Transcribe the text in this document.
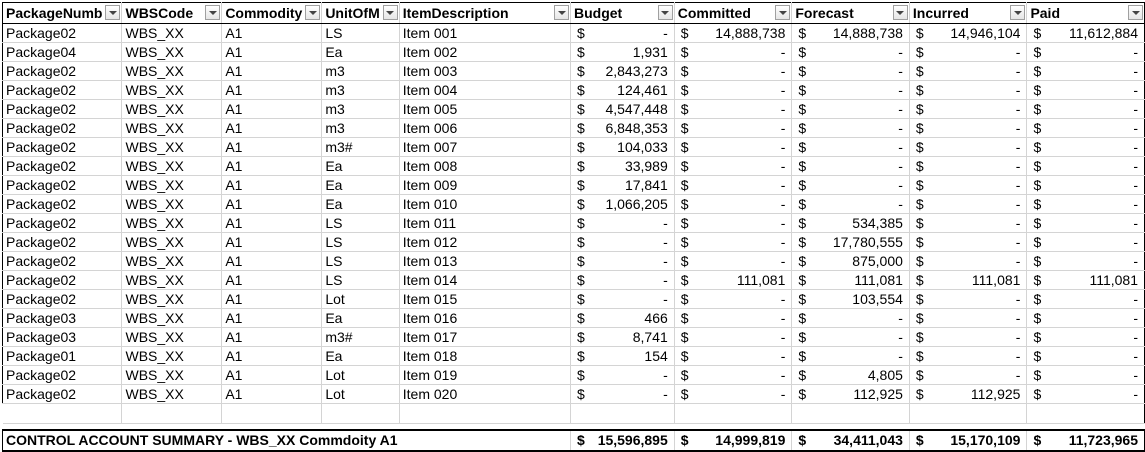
PackageNumb	WBSCode	Commodity	UnitOfM	ItemDescription	Budget	Committed	Forecast	Incurred	Paid

Package02	WBS_XX	A1	LS	Item 001	$ -	$ 14,888,738	$ 14,888,738	$ 14,946,104	$ 11,612,884

Package04	WBS_XX	A1	Ea	Item 002	$ 1,931	$ -	$ -	$ -	$ -

Package02	WBS_XX	A1	m3	Item 003	$ 2,843,273	$ -	$ -	$ -	$ -

Package02	WBS_XX	A1	m3	Item 004	$ 124,461	$ -	$ -	$ -	$ -

Package02	WBS_XX	A1	m3	Item 005	$ 4,547,448	$ -	$ -	$ -	$ -

Package02	WBS_XX	A1	m3	Item 006	$ 6,848,353	$ -	$ -	$ -	$ -

Package02	WBS_XX	A1	m3#	Item 007	$ 104,033	$ -	$ -	$ -	$ -

Package02	WBS_XX	A1	Ea	Item 008	$ 33,989	$ -	$ -	$ -	$ -

Package02	WBS_XX	A1	Ea	Item 009	$ 17,841	$ -	$ -	$ -	$ -

Package02	WBS_XX	A1	Ea	Item 010	$ 1,066,205	$ -	$ -	$ -	$ -

Package02	WBS_XX	A1	LS	Item 011	$ -	$ -	$ 534,385	$ -	$ -

Package02	WBS_XX	A1	LS	Item 012	$ -	$ -	$ 17,780,555	$ -	$ -

Package02	WBS_XX	A1	LS	Item 013	$ -	$ -	$ 875,000	$ -	$ -

Package02	WBS_XX	A1	LS	Item 014	$ -	$ 111,081	$ 111,081	$ 111,081	$ 111,081

Package02	WBS_XX	A1	Lot	Item 015	$ -	$ -	$ 103,554	$ -	$ -

Package03	WBS_XX	A1	Ea	Item 016	$ 466	$ -	$ -	$ -	$ -

Package03	WBS_XX	A1	m3#	Item 017	$ 8,741	$ -	$ -	$ -	$ -

Package01	WBS_XX	A1	Ea	Item 018	$ 154	$ -	$ -	$ -	$ -

Package02	WBS_XX	A1	Lot	Item 019	$ -	$ -	$ 4,805	$ -	$ -

Package02	WBS_XX	A1	Lot	Item 020	$ -	$ -	$ 112,925	$ 112,925	$ -

CONTROL ACCOUNT SUMMARY - WBS_XX Commdoity A1					$ 15,596,895	$ 14,999,819	$ 34,411,043	$ 15,170,109	$ 11,723,965
